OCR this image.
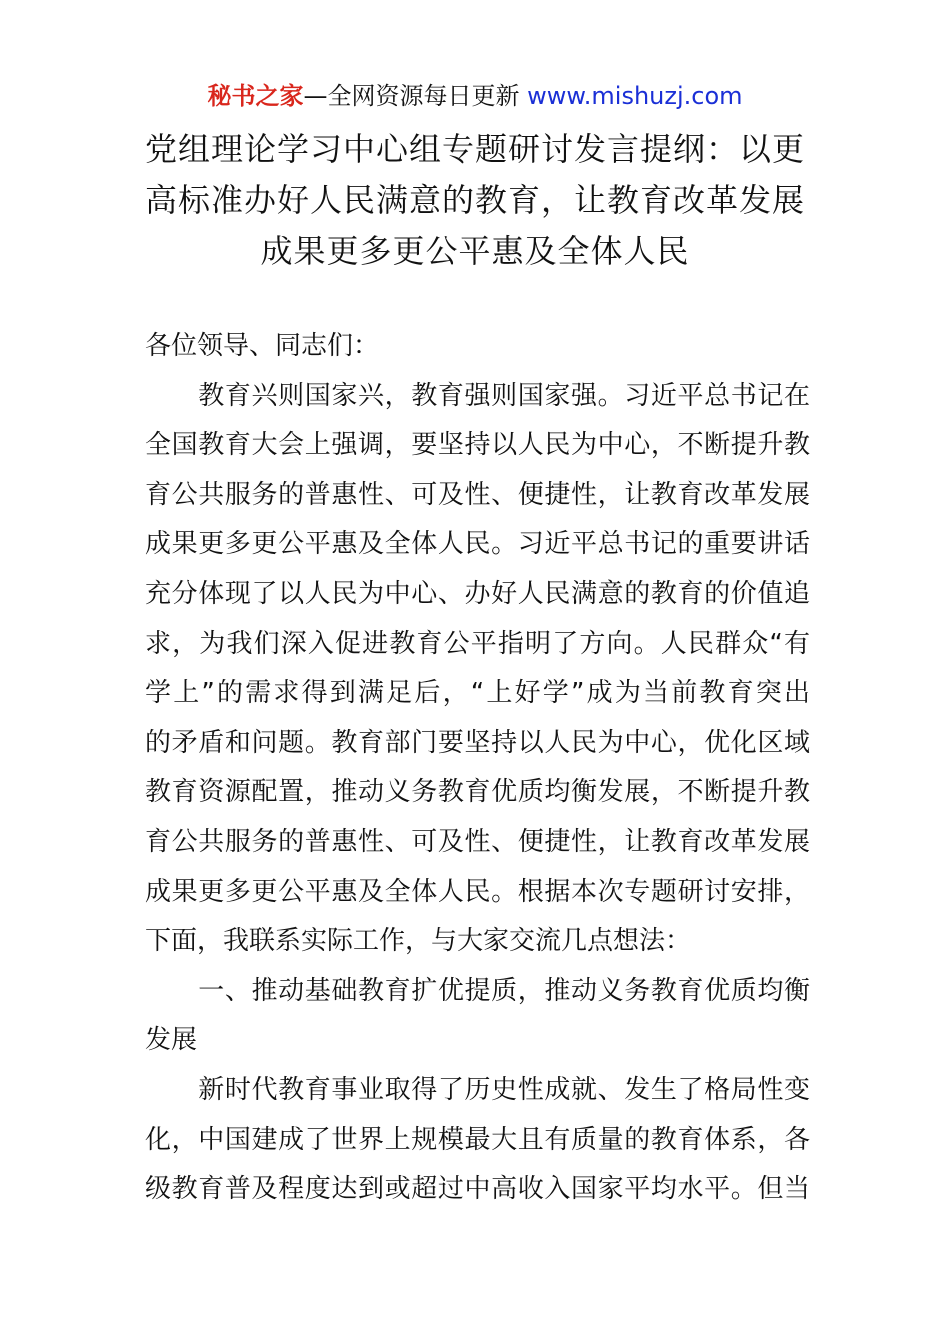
秘书之家—全网资源每日更新 www.mishuzj.com
党组理论学习中心组专题研讨发言提纲：以更
高标准办好人民满意的教育，让教育改革发展
成果更多更公平惠及全体人民

各位领导、同志们：

　　教育兴则国家兴，教育强则国家强。习近平总书记在
全国教育大会上强调，要坚持以人民为中心，不断提升教
育公共服务的普惠性、可及性、便捷性，让教育改革发展
成果更多更公平惠及全体人民。习近平总书记的重要讲话
充分体现了以人民为中心、办好人民满意的教育的价值追
求，为我们深入促进教育公平指明了方向。人民群众“有
学上”的需求得到满足后，“上好学”成为当前教育突出
的矛盾和问题。教育部门要坚持以人民为中心，优化区域
教育资源配置，推动义务教育优质均衡发展，不断提升教
育公共服务的普惠性、可及性、便捷性，让教育改革发展
成果更多更公平惠及全体人民。根据本次专题研讨安排，
下面，我联系实际工作，与大家交流几点想法：

　　一、推动基础教育扩优提质，推动义务教育优质均衡
发展

　　新时代教育事业取得了历史性成就、发生了格局性变
化，中国建成了世界上规模最大且有质量的教育体系，各
级教育普及程度达到或超过中高收入国家平均水平。但当
